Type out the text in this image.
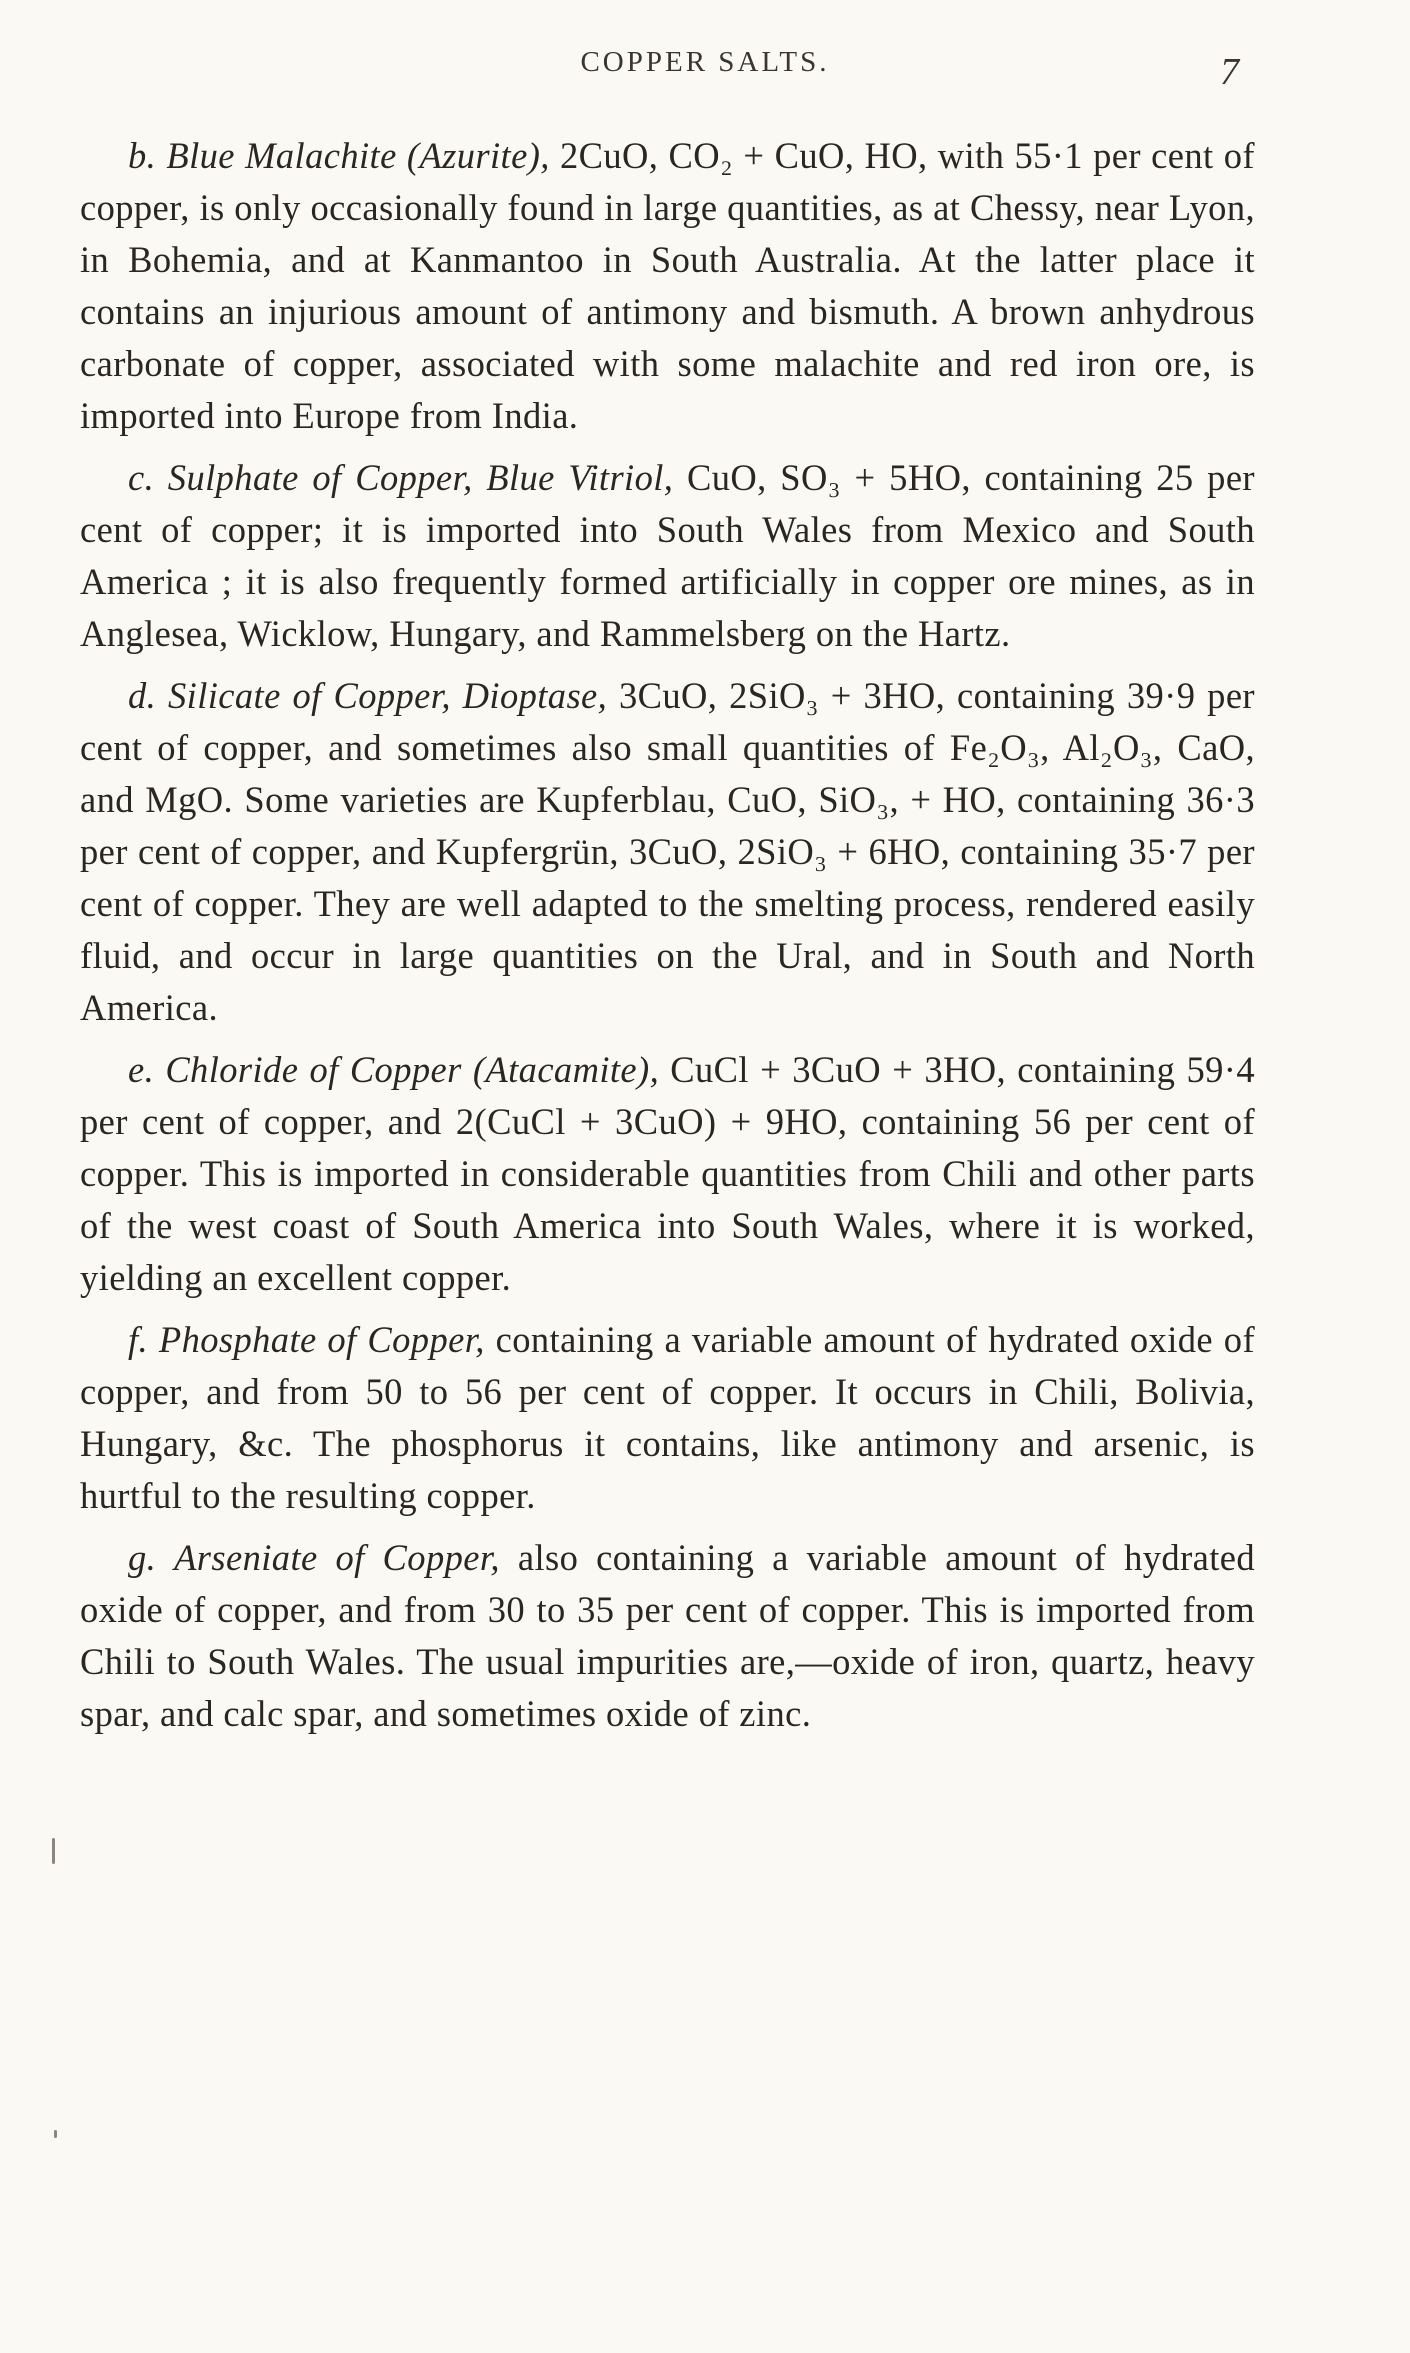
COPPER SALTS.	7

b. Blue Malachite (Azurite), 2CuO, CO₂ + CuO, HO, with 55·1 per cent of copper, is only occasionally found in large quantities, as at Chessy, near Lyon, in Bohemia, and at Kanmantoo in South Australia. At the latter place it contains an injurious amount of antimony and bismuth. A brown anhydrous carbonate of copper, associated with some malachite and red iron ore, is imported into Europe from India.

c. Sulphate of Copper, Blue Vitriol, CuO, SO₃ + 5HO, containing 25 per cent of copper; it is imported into South Wales from Mexico and South America ; it is also frequently formed artificially in copper ore mines, as in Anglesea, Wicklow, Hungary, and Rammelsberg on the Hartz.

d. Silicate of Copper, Dioptase, 3CuO, 2SiO₃ + 3HO, containing 39·9 per cent of copper, and sometimes also small quantities of Fe₂O₃, Al₂O₃, CaO, and MgO. Some varieties are Kupferblau, CuO, SiO₃, + HO, containing 36·3 per cent of copper, and Kupfergrün, 3CuO, 2SiO₃ + 6HO, containing 35·7 per cent of copper. They are well adapted to the smelting process, rendered easily fluid, and occur in large quantities on the Ural, and in South and North America.

e. Chloride of Copper (Atacamite), CuCl + 3CuO + 3HO, containing 59·4 per cent of copper, and 2(CuCl + 3CuO) + 9HO, containing 56 per cent of copper. This is imported in considerable quantities from Chili and other parts of the west coast of South America into South Wales, where it is worked, yielding an excellent copper.

f. Phosphate of Copper, containing a variable amount of hydrated oxide of copper, and from 50 to 56 per cent of copper. It occurs in Chili, Bolivia, Hungary, &c. The phosphorus it contains, like antimony and arsenic, is hurtful to the resulting copper.

g. Arseniate of Copper, also containing a variable amount of hydrated oxide of copper, and from 30 to 35 per cent of copper. This is imported from Chili to South Wales. The usual impurities are,—oxide of iron, quartz, heavy spar, and calc spar, and sometimes oxide of zinc.
